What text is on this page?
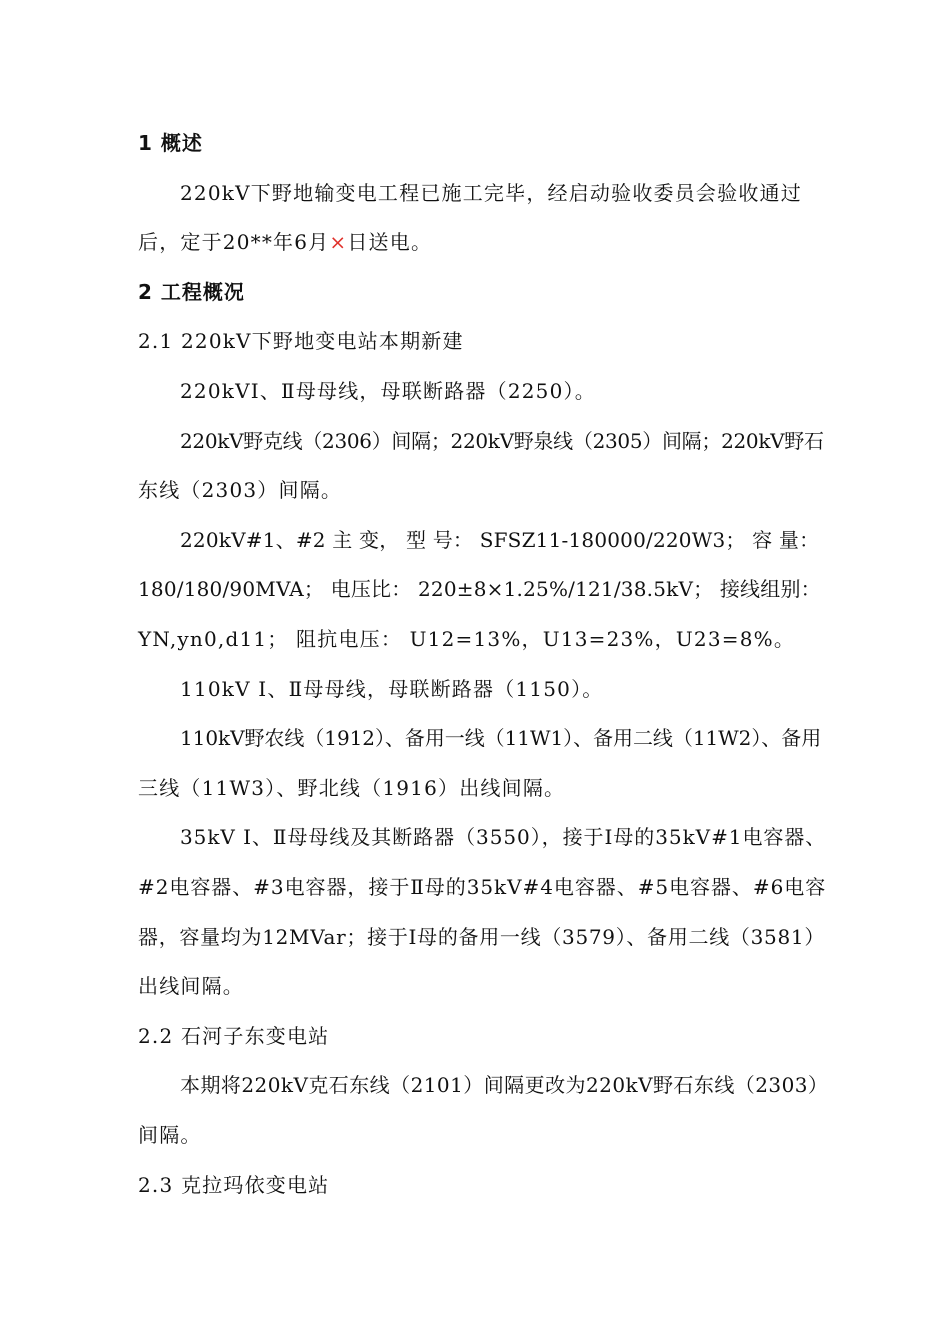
1 概述
220kV下野地输变电工程已施工完毕，经启动验收委员会验收通过
后，定于20**年6月×日送电。
2 工程概况
2.1 220kV下野地变电站本期新建
220kVⅠ、Ⅱ母母线，母联断路器（2250）。
220kV野克线（2306）间隔；220kV野泉线（2305）间隔；220kV野石
东线（2303）间隔。
220kV#1、#2 主 变， 型 号： SFSZ11-180000/220W3； 容 量：
180/180/90MVA； 电压比： 220±8×1.25%/121/38.5kV； 接线组别：
YN,yn0,d11； 阻抗电压： U12=13%，U13=23%，U23=8%。
110kV Ⅰ、Ⅱ母母线，母联断路器（1150）。
110kV野农线（1912）、备用一线（11W1）、备用二线（11W2）、备用
三线（11W3）、野北线（1916）出线间隔。
35kV Ⅰ、Ⅱ母母线及其断路器（3550），接于Ⅰ母的35kV#1电容器、
#2电容器、#3电容器，接于Ⅱ母的35kV#4电容器、#5电容器、#6电容
器，容量均为12MVar；接于Ⅰ母的备用一线（3579）、备用二线（3581）
出线间隔。
2.2 石河子东变电站
本期将220kV克石东线（2101）间隔更改为220kV野石东线（2303）
间隔。
2.3 克拉玛依变电站
